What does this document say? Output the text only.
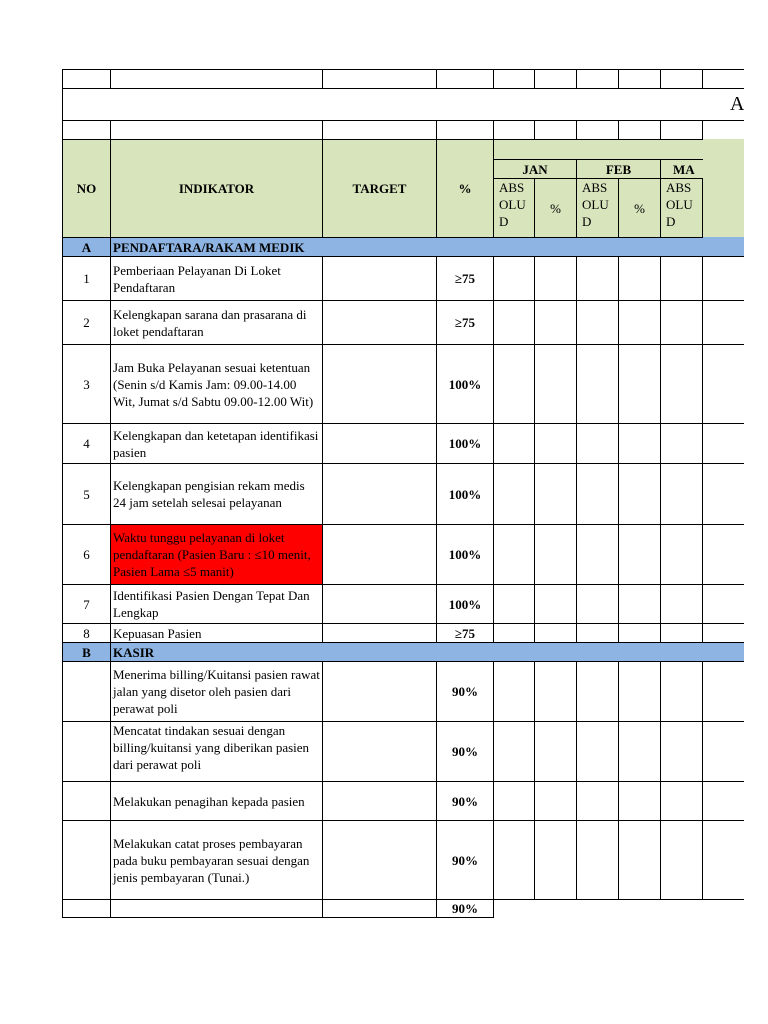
A									

NO	INDIKATOR	TARGET	%						
				JAN		FEB		MA	

				ABS OLU D	%	ABS OLU D	%	ABS OLU D	

A	PENDAFTARA/RAKAM MEDIK								
1	Pemberiaan Pelayanan Di Loket Pendaftaran		≥75						
2	Kelengkapan sarana dan prasarana di loket pendaftaran		≥75						
3	Jam Buka Pelayanan sesuai ketentuan (Senin s/d Kamis Jam: 09.00-14.00 Wit, Jumat s/d Sabtu 09.00-12.00 Wit)		100%						
4	Kelengkapan dan ketetapan identifikasi pasien		100%						
5	Kelengkapan pengisian rekam medis 24 jam setelah selesai pelayanan		100%						
6	Waktu tunggu pelayanan di loket pendaftaran (Pasien Baru : ≤10 menit, Pasien Lama ≤5 manit)		100%						
7	Identifikasi Pasien Dengan Tepat Dan Lengkap		100%						
8	Kepuasan Pasien		≥75						
B	KASIR								
	Menerima billing/Kuitansi pasien rawat jalan yang disetor oleh pasien dari perawat poli		90%						
	Mencatat tindakan sesuai dengan billing/kuitansi yang diberikan pasien dari perawat poli		90%						
	Melakukan penagihan kepada pasien		90%						
	Melakukan catat proses pembayaran pada buku pembayaran sesuai dengan jenis pembayaran (Tunai.)		90%						
			90%						
